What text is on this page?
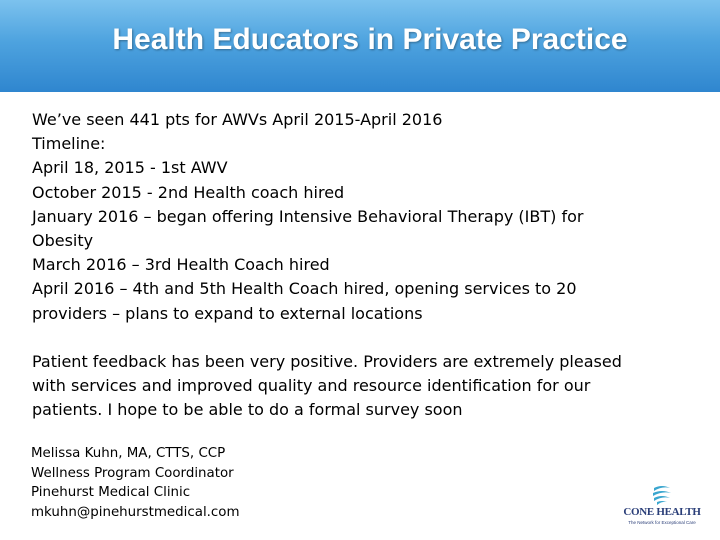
Health Educators in Private Practice

We’ve seen 441 pts for AWVs April 2015-April 2016

Timeline:

April 18, 2015 - 1st AWV

October 2015 - 2nd Health coach hired

January 2016 – began offering Intensive Behavioral Therapy (IBT) for

Obesity

March 2016 – 3rd Health Coach hired

April 2016 – 4th and 5th Health Coach hired, opening services to 20

providers – plans to expand to external locations

Patient feedback has been very positive. Providers are extremely pleased

with services and improved quality and resource identification for our

patients. I hope to be able to do a formal survey soon

Melissa Kuhn, MA, CTTS, CCP

Wellness Program Coordinator

Pinehurst Medical Clinic

mkuhn@pinehurstmedical.com	CONE HEALTH
The Network for Exceptional Care
